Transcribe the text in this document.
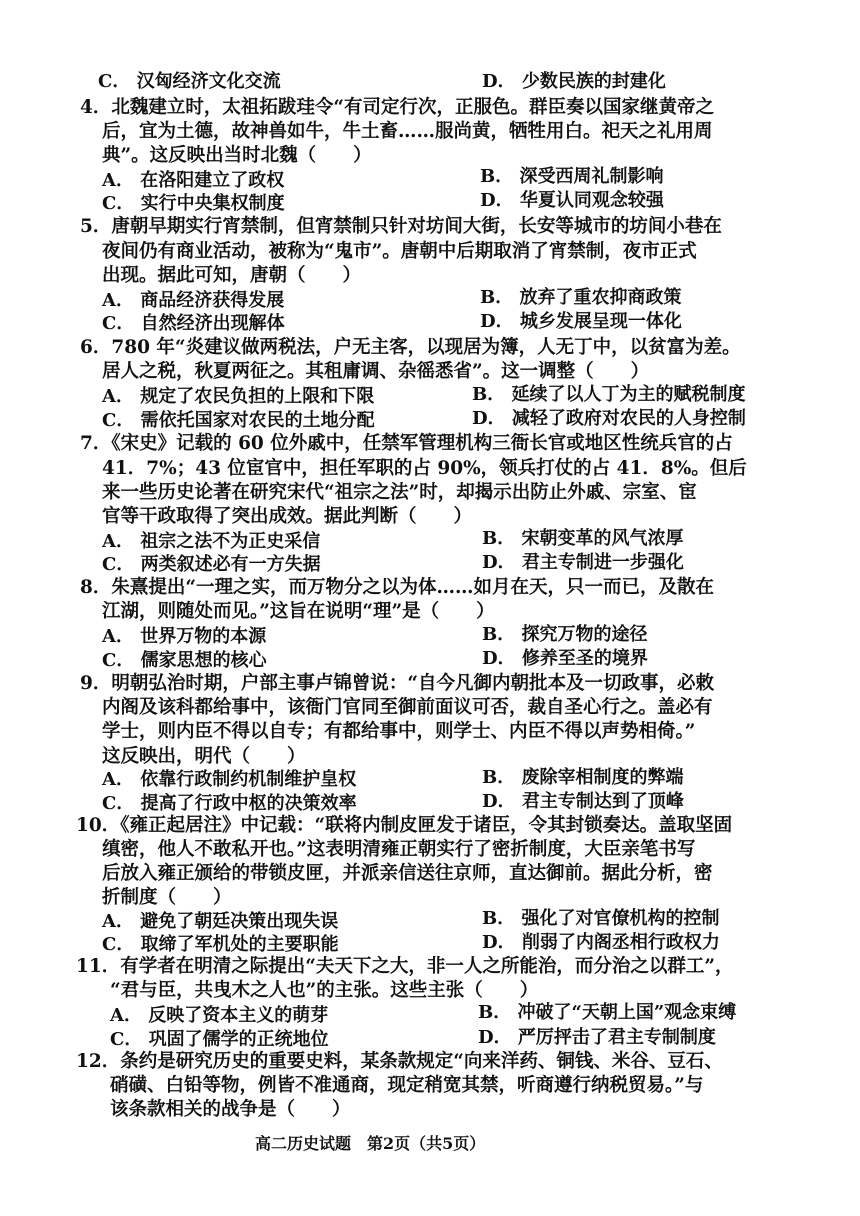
C． 汉匈经济文化交流	D． 少数民族的封建化
4．北魏建立时，太祖拓跋珪令“有司定行次，正服色。群臣奏以国家继黄帝之
后，宜为土德，故神兽如牛，牛土畜……服尚黄，牺牲用白。祀天之礼用周
典”。这反映出当时北魏（　　）
A． 在洛阳建立了政权	B． 深受西周礼制影响
C． 实行中央集权制度	D． 华夏认同观念较强
5．唐朝早期实行宵禁制，但宵禁制只针对坊间大街，长安等城市的坊间小巷在
夜间仍有商业活动，被称为“鬼市”。唐朝中后期取消了宵禁制，夜市正式
出现。据此可知，唐朝（　　）
A． 商品经济获得发展	B． 放弃了重农抑商政策
C． 自然经济出现解体	D． 城乡发展呈现一体化
6．780 年“炎建议做两税法，户无主客，以现居为簿，人无丁中，以贫富为差。
居人之税，秋夏两征之。其租庸调、杂徭悉省”。这一调整（　　）
A． 规定了农民负担的上限和下限	B． 延续了以人丁为主的赋税制度
C． 需依托国家对农民的土地分配	D． 减轻了政府对农民的人身控制
7．《宋史》记载的 60 位外戚中，任禁军管理机构三衙长官或地区性统兵官的占
41．7%；43 位宦官中，担任军职的占 90%，领兵打仗的占 41．8%。但后
来一些历史论著在研究宋代“祖宗之法”时，却揭示出防止外戚、宗室、宦
官等干政取得了突出成效。据此判断（　　）
A． 祖宗之法不为正史采信	B． 宋朝变革的风气浓厚
C． 两类叙述必有一方失据	D． 君主专制进一步强化
8．朱熹提出“一理之实，而万物分之以为体……如月在天，只一而已，及散在
江湖，则随处而见。”这旨在说明“理”是（　　）
A． 世界万物的本源	B． 探究万物的途径
C． 儒家思想的核心	D． 修养至圣的境界
9．明朝弘治时期，户部主事卢锦曾说：“自今凡御内朝批本及一切政事，必敕
内阁及该科都给事中，该衙门官同至御前面议可否，裁自圣心行之。盖必有
学士，则内臣不得以自专；有都给事中，则学士、内臣不得以声势相倚。”
这反映出，明代（　　）
A． 依靠行政制约机制维护皇权	B． 废除宰相制度的弊端
C． 提高了行政中枢的决策效率	D． 君主专制达到了顶峰
10．《雍正起居注》中记载：“联将内制皮匣发于诸臣，令其封锁奏达。盖取坚固
缜密，他人不敢私开也。”这表明清雍正朝实行了密折制度，大臣亲笔书写
后放入雍正颁给的带锁皮匣，并派亲信送往京师，直达御前。据此分析，密
折制度（　　）
A． 避免了朝廷决策出现失误	B． 强化了对官僚机构的控制
C． 取缔了军机处的主要职能	D． 削弱了内阁丞相行政权力
11．有学者在明清之际提出“夫天下之大，非一人之所能治，而分治之以群工”，
“君与臣，共曳木之人也”的主张。这些主张（　　）
A． 反映了资本主义的萌芽	B． 冲破了“天朝上国”观念束缚
C． 巩固了儒学的正统地位	D． 严厉抨击了君主专制制度
12．条约是研究历史的重要史料，某条款规定“向来洋药、铜钱、米谷、豆石、
硝磺、白铅等物，例皆不准通商，现定稍宽其禁，听商遵行纳税贸易。”与
该条款相关的战争是（　　）
高二历史试题　第2页（共5页）
